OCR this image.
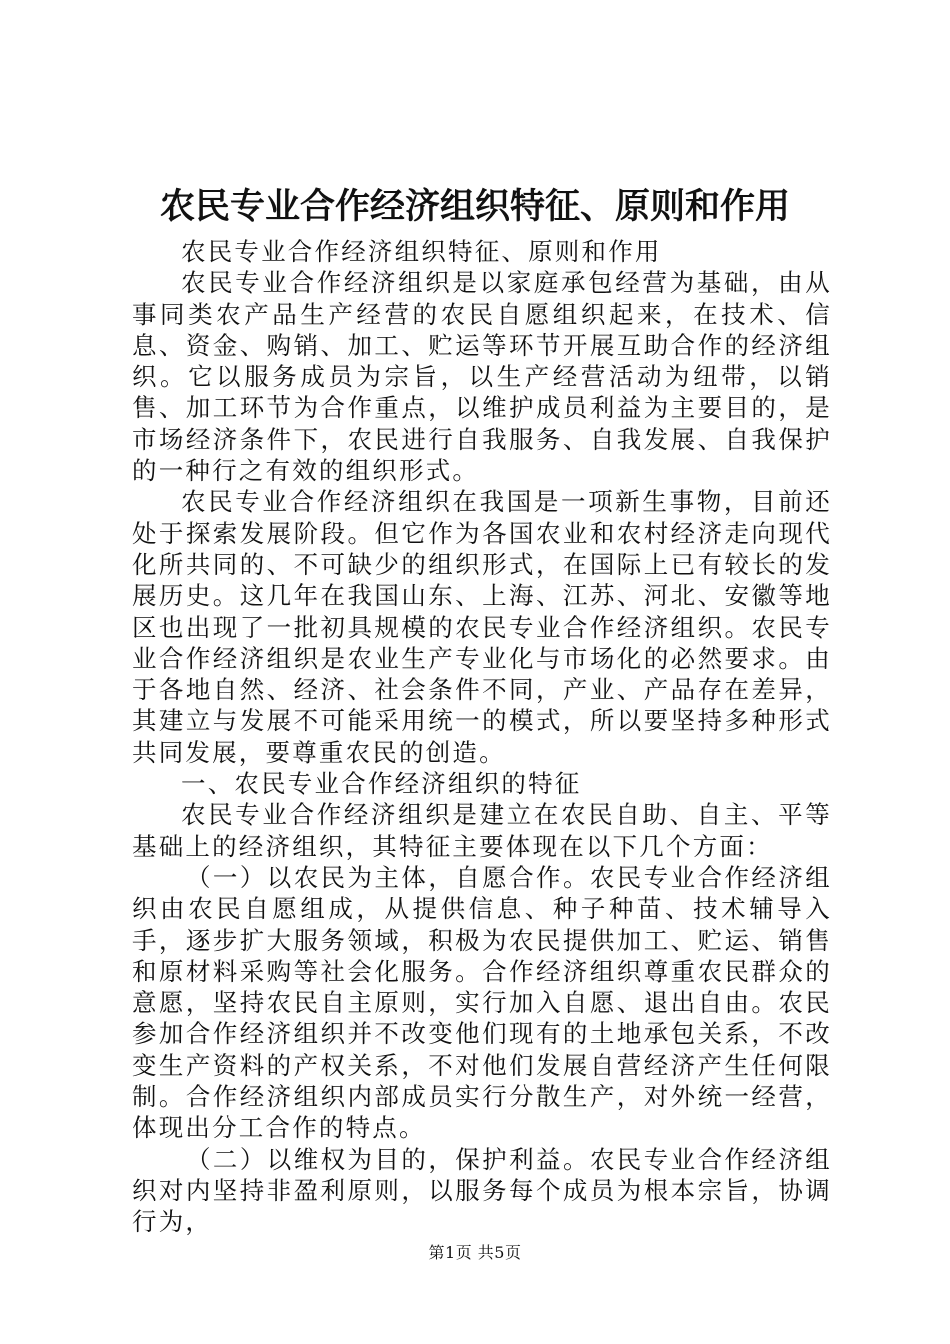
农民专业合作经济组织特征、原则和作用

农民专业合作经济组织特征、原则和作用

农民专业合作经济组织是以家庭承包经营为基础，由从事同类农产品生产经营的农民自愿组织起来，在技术、信息、资金、购销、加工、贮运等环节开展互助合作的经济组织。它以服务成员为宗旨，以生产经营活动为纽带，以销售、加工环节为合作重点，以维护成员利益为主要目的，是市场经济条件下，农民进行自我服务、自我发展、自我保护的一种行之有效的组织形式。

农民专业合作经济组织在我国是一项新生事物，目前还处于探索发展阶段。但它作为各国农业和农村经济走向现代化所共同的、不可缺少的组织形式，在国际上已有较长的发展历史。这几年在我国山东、上海、江苏、河北、安徽等地区也出现了一批初具规模的农民专业合作经济组织。农民专业合作经济组织是农业生产专业化与市场化的必然要求。由于各地自然、经济、社会条件不同，产业、产品存在差异，其建立与发展不可能采用统一的模式，所以要坚持多种形式共同发展，要尊重农民的创造。

一、农民专业合作经济组织的特征

农民专业合作经济组织是建立在农民自助、自主、平等基础上的经济组织，其特征主要体现在以下几个方面：

（一）以农民为主体，自愿合作。农民专业合作经济组织由农民自愿组成，从提供信息、种子种苗、技术辅导入手，逐步扩大服务领域，积极为农民提供加工、贮运、销售和原材料采购等社会化服务。合作经济组织尊重农民群众的意愿，坚持农民自主原则，实行加入自愿、退出自由。农民参加合作经济组织并不改变他们现有的土地承包关系，不改变生产资料的产权关系，不对他们发展自营经济产生任何限制。合作经济组织内部成员实行分散生产，对外统一经营，体现出分工合作的特点。

（二）以维权为目的，保护利益。农民专业合作经济组织对内坚持非盈利原则，以服务每个成员为根本宗旨，协调行为，

第1页 共5页
